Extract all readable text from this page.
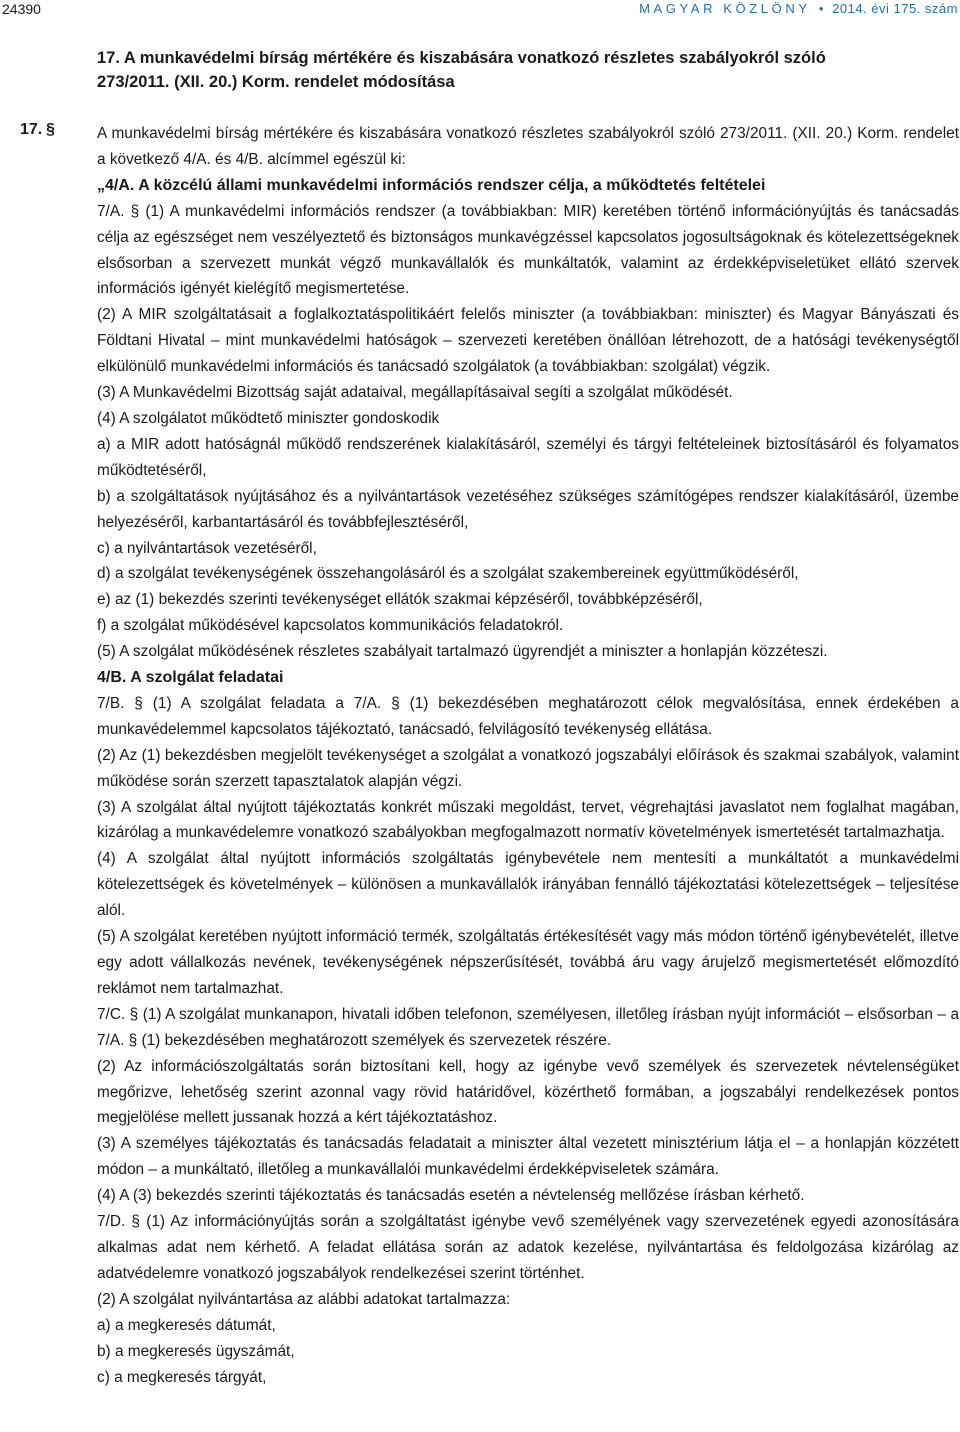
24390	MAGYAR KÖZLÖNY • 2014. évi 175. szám
17. A munkavédelmi bírság mértékére és kiszabására vonatkozó részletes szabályokról szóló 273/2011. (XII. 20.) Korm. rendelet módosítása
17. §	A munkavédelmi bírság mértékére és kiszabására vonatkozó részletes szabályokról szóló 273/2011. (XII. 20.) Korm. rendelet a következő 4/A. és 4/B. alcímmel egészül ki:

„4/A. A közcélú állami munkavédelmi információs rendszer célja, a működtetés feltételei

7/A. § (1) A munkavédelmi információs rendszer (a továbbiakban: MIR) keretében történő információnyújtás és tanácsadás célja az egészséget nem veszélyeztető és biztonságos munkavégzéssel kapcsolatos jogosultságoknak és kötelezettségeknek elsősorban a szervezett munkát végző munkavállalók és munkáltatók, valamint az érdekképviseletüket ellátó szervek információs igényét kielégítő megismertetése.

(2) A MIR szolgáltatásait a foglalkoztatáspolitikáért felelős miniszter (a továbbiakban: miniszter) és Magyar Bányászati és Földtani Hivatal – mint munkavédelmi hatóságok – szervezeti keretében önállóan létrehozott, de a hatósági tevékenységtől elkülönülő munkavédelmi információs és tanácsadó szolgálatok (a továbbiakban: szolgálat) végzik.

(3) A Munkavédelmi Bizottság saját adataival, megállapításaival segíti a szolgálat működését.

(4) A szolgálatot működtető miniszter gondoskodik

a) a MIR adott hatóságnál működő rendszerének kialakításáról, személyi és tárgyi feltételeinek biztosításáról és folyamatos működtetéséről,

b) a szolgáltatások nyújtásához és a nyilvántartások vezetéséhez szükséges számítógépes rendszer kialakításáról, üzembe helyezéséről, karbantartásáról és továbbfejlesztéséről,

c) a nyilvántartások vezetéséről,

d) a szolgálat tevékenységének összehangolásáról és a szolgálat szakembereinek együttműködéséről,

e) az (1) bekezdés szerinti tevékenységet ellátók szakmai képzéséről, továbbképzéséről,

f) a szolgálat működésével kapcsolatos kommunikációs feladatokról.

(5) A szolgálat működésének részletes szabályait tartalmazó ügyrendjét a miniszter a honlapján közzéteszi.

4/B. A szolgálat feladatai

7/B. § (1) A szolgálat feladata a 7/A. § (1) bekezdésében meghatározott célok megvalósítása, ennek érdekében a munkavédelemmel kapcsolatos tájékoztató, tanácsadó, felvilágosító tevékenység ellátása.

(2) Az (1) bekezdésben megjelölt tevékenységet a szolgálat a vonatkozó jogszabályi előírások és szakmai szabályok, valamint működése során szerzett tapasztalatok alapján végzi.

(3) A szolgálat által nyújtott tájékoztatás konkrét műszaki megoldást, tervet, végrehajtási javaslatot nem foglalhat magában, kizárólag a munkavédelemre vonatkozó szabályokban megfogalmazott normatív követelmények ismertetését tartalmazhatja.

(4) A szolgálat által nyújtott információs szolgáltatás igénybevétele nem mentesíti a munkáltatót a munkavédelmi kötelezettségek és követelmények – különösen a munkavállalók irányában fennálló tájékoztatási kötelezettségek – teljesítése alól.

(5) A szolgálat keretében nyújtott információ termék, szolgáltatás értékesítését vagy más módon történő igénybevételét, illetve egy adott vállalkozás nevének, tevékenységének népszerűsítését, továbbá áru vagy árujelző megismertetését előmozdító reklámot nem tartalmazhat.

7/C. § (1) A szolgálat munkanapon, hivatali időben telefonon, személyesen, illetőleg írásban nyújt információt – elsősorban – a 7/A. § (1) bekezdésében meghatározott személyek és szervezetek részére.

(2) Az információszolgáltatás során biztosítani kell, hogy az igénybe vevő személyek és szervezetek névtelenségüket megőrizve, lehetőség szerint azonnal vagy rövid határidővel, közérthető formában, a jogszabályi rendelkezések pontos megjelölése mellett jussanak hozzá a kért tájékoztatáshoz.

(3) A személyes tájékoztatás és tanácsadás feladatait a miniszter által vezetett minisztérium látja el – a honlapján közzétett módon – a munkáltató, illetőleg a munkavállalói munkavédelmi érdekképviseletek számára.

(4) A (3) bekezdés szerinti tájékoztatás és tanácsadás esetén a névtelenség mellőzése írásban kérhető.

7/D. § (1) Az információnyújtás során a szolgáltatást igénybe vevő személyének vagy szervezetének egyedi azonosítására alkalmas adat nem kérhető. A feladat ellátása során az adatok kezelése, nyilvántartása és feldolgozása kizárólag az adatvédelemre vonatkozó jogszabályok rendelkezései szerint történhet.

(2) A szolgálat nyilvántartása az alábbi adatokat tartalmazza:

a) a megkeresés dátumát,

b) a megkeresés ügyszámát,

c) a megkeresés tárgyát,
